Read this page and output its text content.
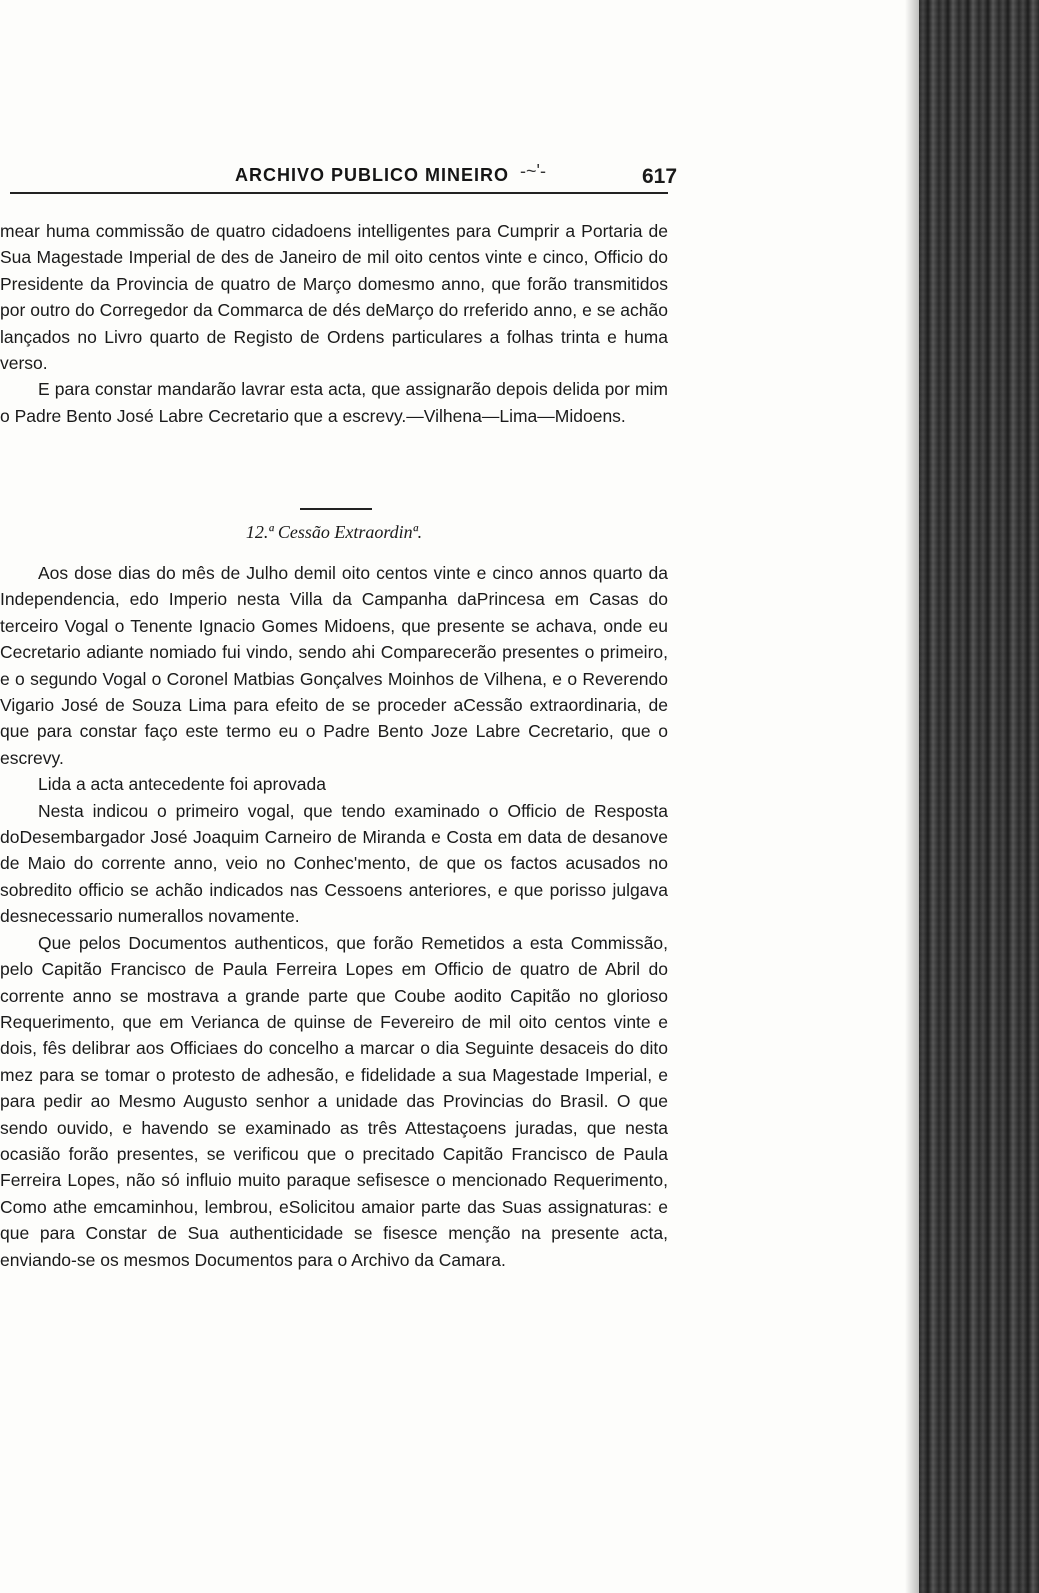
ARCHIVO PUBLICO MINEIRO -~'-	617

mear huma commissão de quatro cidadoens intelligentes para Cumprir a Portaria de Sua Magestade Imperial de des de Janeiro de mil oito centos vinte e cinco, Officio do Presidente da Provincia de quatro de Março domesmo anno, que forão transmitidos por outro do Corregedor da Commarca de dés deMarço do rreferido anno, e se achão lançados no Livro quarto de Registo de Ordens particulares a folhas trinta e huma verso.

E para constar mandarão lavrar esta acta, que assignarão depois delida por mim o Padre Bento José Labre Cecretario que a escrevy.—Vilhena—Lima—Midoens.

12.ª Cessão Extraordinª.

Aos dose dias do mês de Julho demil oito centos vinte e cinco annos quarto da Independencia, edo Imperio nesta Villa da Campanha daPrincesa em Casas do terceiro Vogal o Tenente Ignacio Gomes Midoens, que presente se achava, onde eu Cecretario adiante nomiado fui vindo, sendo ahi Comparecerão presentes o primeiro, e o segundo Vogal o Coronel Matbias Gonçalves Moinhos de Vilhena, e o Reverendo Vigario José de Souza Lima para efeito de se proceder aCessão extraordinaria, de que para constar faço este termo eu o Padre Bento Joze Labre Cecretario, que o escrevy.

Lida a acta antecedente foi aprovada

Nesta indicou o primeiro vogal, que tendo examinado o Officio de Resposta doDesembargador José Joaquim Carneiro de Miranda e Costa em data de desanove de Maio do corrente anno, veio no Conhec'mento, de que os factos acusados no sobredito officio se achão indicados nas Cessoens anteriores, e que porisso julgava desnecessario numerallos novamente.

Que pelos Documentos authenticos, que forão Remetidos a esta Commissão, pelo Capitão Francisco de Paula Ferreira Lopes em Officio de quatro de Abril do corrente anno se mostrava a grande parte que Coube aodito Capitão no glorioso Requerimento, que em Verianca de quinse de Fevereiro de mil oito centos vinte e dois, fês delibrar aos Officiaes do concelho a marcar o dia Seguinte desaceis do dito mez para se tomar o protesto de adhesão, e fidelidade a sua Magestade Imperial, e para pedir ao Mesmo Augusto senhor a unidade das Provincias do Brasil. O que sendo ouvido, e havendo se examinado as três Attestaçoens juradas, que nesta ocasião forão presentes, se verificou que o precitado Capitão Francisco de Paula Ferreira Lopes, não só influio muito paraque sefisesce o mencionado Requerimento, Como athe emcaminhou, lembrou, eSolicitou amaior parte das Suas assignaturas: e que para Constar de Sua authenticidade se fisesce menção na presente acta, enviando-se os mesmos Documentos para o Archivo da Camara.
